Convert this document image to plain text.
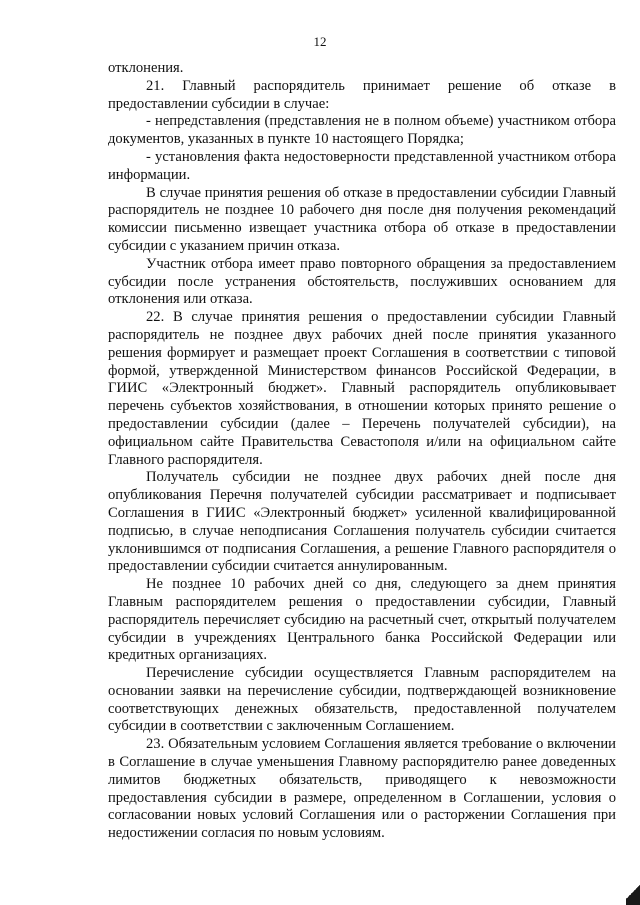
12

отклонения.

21. Главный распорядитель принимает решение об отказе в предоставлении субсидии в случае:

- непредставления (представления не в полном объеме) участником отбора документов, указанных в пункте 10 настоящего Порядка;

- установления факта недостоверности представленной участником отбора информации.

В случае принятия решения об отказе в предоставлении субсидии Главный распорядитель не позднее 10 рабочего дня после дня получения рекомендаций комиссии письменно извещает участника отбора об отказе в предоставлении субсидии с указанием причин отказа.

Участник отбора имеет право повторного обращения за предоставлением субсидии после устранения обстоятельств, послуживших основанием для отклонения или отказа.

22. В случае принятия решения о предоставлении субсидии Главный распорядитель не позднее двух рабочих дней после принятия указанного решения формирует и размещает проект Соглашения в соответствии с типовой формой, утвержденной Министерством финансов Российской Федерации, в ГИИС «Электронный бюджет». Главный распорядитель опубликовывает перечень субъектов хозяйствования, в отношении которых принято решение о предоставлении субсидии (далее – Перечень получателей субсидии), на официальном сайте Правительства Севастополя и/или на официальном сайте Главного распорядителя.

Получатель субсидии не позднее двух рабочих дней после дня опубликования Перечня получателей субсидии рассматривает и подписывает Соглашения в ГИИС «Электронный бюджет» усиленной квалифицированной подписью, в случае неподписания Соглашения получатель субсидии считается уклонившимся от подписания Соглашения, а решение Главного распорядителя о предоставлении субсидии считается аннулированным.

Не позднее 10 рабочих дней со дня, следующего за днем принятия Главным распорядителем решения о предоставлении субсидии, Главный распорядитель перечисляет субсидию на расчетный счет, открытый получателем субсидии в учреждениях Центрального банка Российской Федерации или кредитных организациях.

Перечисление субсидии осуществляется Главным распорядителем на основании заявки на перечисление субсидии, подтверждающей возникновение соответствующих денежных обязательств, предоставленной получателем субсидии в соответствии с заключенным Соглашением.

23. Обязательным условием Соглашения является требование о включении в Соглашение в случае уменьшения Главному распорядителю ранее доведенных лимитов бюджетных обязательств, приводящего к невозможности предоставления субсидии в размере, определенном в Соглашении, условия о согласовании новых условий Соглашения или о расторжении Соглашения при недостижении согласия по новым условиям.
